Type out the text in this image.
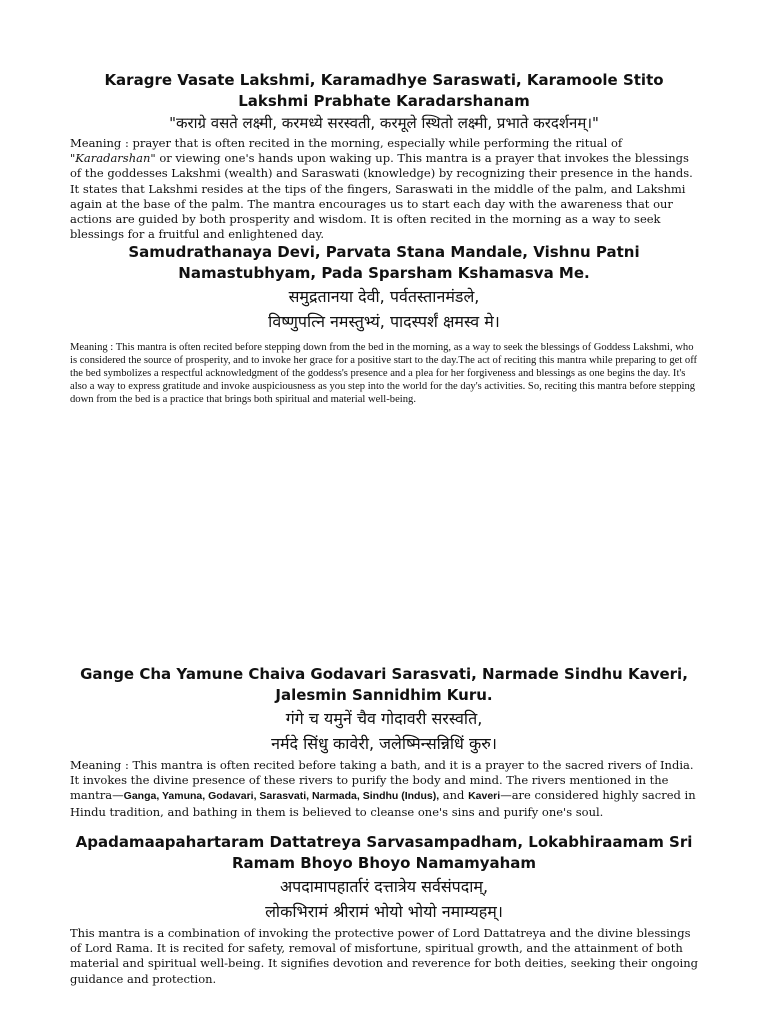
Karagre Vasate Lakshmi, Karamadhye Saraswati, Karamoole Stito Lakshmi Prabhate Karadarshanam

"कराग्रे वसते लक्ष्मी, करमध्ये सरस्वती, करमूले स्थितो लक्ष्मी, प्रभाते करदर्शनम्।"

Meaning : prayer that is often recited in the morning, especially while performing the ritual of "Karadarshan" or viewing one's hands upon waking up. This mantra is a prayer that invokes the blessings of the goddesses Lakshmi (wealth) and Saraswati (knowledge) by recognizing their presence in the hands. It states that Lakshmi resides at the tips of the fingers, Saraswati in the middle of the palm, and Lakshmi again at the base of the palm. The mantra encourages us to start each day with the awareness that our actions are guided by both prosperity and wisdom. It is often recited in the morning as a way to seek blessings for a fruitful and enlightened day.

Samudrathanaya Devi, Parvata Stana Mandale, Vishnu Patni Namastubhyam, Pada Sparsham Kshamasva Me.

समुद्रतानया देवी, पर्वतस्तानमंडले,

विष्णुपत्नि नमस्तुभ्यं, पादस्पर्शं क्षमस्व मे।

Meaning : This mantra is often recited before stepping down from the bed in the morning, as a way to seek the blessings of Goddess Lakshmi, who is considered the source of prosperity, and to invoke her grace for a positive start to the day.The act of reciting this mantra while preparing to get off the bed symbolizes a respectful acknowledgment of the goddess's presence and a plea for her forgiveness and blessings as one begins the day. It's also a way to express gratitude and invoke auspiciousness as you step into the world for the day's activities. So, reciting this mantra before stepping down from the bed is a practice that brings both spiritual and material well-being.

Gange Cha Yamune Chaiva Godavari Sarasvati, Narmade Sindhu Kaveri, Jalesmin Sannidhim Kuru.

गंगे च यमुनें चैव गोदावरी सरस्वति,

नर्मदे सिंधु कावेरी, जलेष्मिन्सन्निधिं कुरु।

Meaning : This mantra is often recited before taking a bath, and it is a prayer to the sacred rivers of India. It invokes the divine presence of these rivers to purify the body and mind. The rivers mentioned in the mantra—Ganga, Yamuna, Godavari, Sarasvati, Narmada, Sindhu (Indus), and Kaveri—are considered highly sacred in Hindu tradition, and bathing in them is believed to cleanse one's sins and purify one's soul.

Apadamaapahartaram Dattatreya Sarvasampadham, Lokabhiraamam Sri Ramam Bhoyo Bhoyo Namamyaham

अपदामापहार्तारं दत्तात्रेय सर्वसंपदाम्,

लोकभिरामं श्रीरामं भोयो भोयो नमाम्यहम्।

This mantra is a combination of invoking the protective power of Lord Dattatreya and the divine blessings of Lord Rama. It is recited for safety, removal of misfortune, spiritual growth, and the attainment of both material and spiritual well-being. It signifies devotion and reverence for both deities, seeking their ongoing guidance and protection.
